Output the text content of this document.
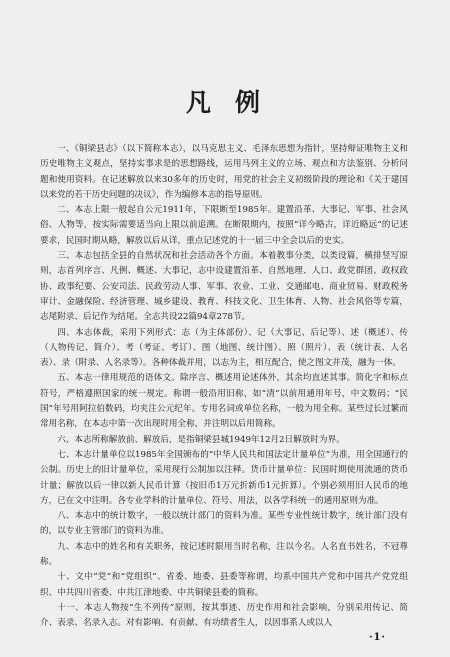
凡 例

一、《铜梁县志》（以下简称本志），以马克思主义、毛泽东思想为指针，坚持辩证唯物主义和历史唯物主义观点，坚持实事求是的思想路线，运用马列主义的立场、观点和方法鉴别、分析问题和使用资料。在记述解放以来30多年的历史时，用党的社会主义初级阶段的理论和《关于建国以来党的若干历史问题的决议》，作为编修本志的指导原则。

二、本志上限一般起自公元1911年，下限断至1985年。建置沿革、大事记、军事、社会风俗、人物等，按实际需要适当向上限以前追溯。在断限期内，按照“详今略古，详近略远”的记述要求，民国时期从略，解放以后从详，重点记述党的十一届三中全会以后的史实。

三、本志包括全县的自然状况和社会活动各个方面。本着教事分类，以类设篇，横排竖写原则，志首列序言、凡例、概述、大事记，志中设建置沿革、自然地理、人口、政党群团、政权政协、政事纪要、公安司法、民政劳动人事、军事、农业、工业、交通邮电、商业贸易、财政税务审计、金融保险、经济管理、城乡建设、教育、科技文化、卫生体育、人物、社会风俗等专篇，志尾附录、后记作为结尾。全志共设22篇94章278节。

四、本志体裁，采用下列形式：志（为主体部份）、记（大事记、后记等）、述（概述）、传（人物传记、简介）、考（考证、考订）、图（地图、统计图）、照（照片）、表（统计表、人名表）、录（附录、人名录等）。各种体裁并用，以志为主，相互配合，使之图文并茂，融为一体。

五、本志一律用规范的语体文。除序言、概述用论述体外，其余均直述其事。简化字和标点符号，严格遵照国家的统一规定。称谓一般沿用旧称，如“清”以前用通用年号，中文数码；“民国”年号用阿拉伯数码，均夹注公元纪年。专用名词或单位名称，一般为用全称。某些过长过繁而常用名称，在本志中第一次出现时用全称，并注明以后用简称。

六、本志所称解放前、解放后，是指铜梁县城1949年12月2日解放时为界。

七、本志计量单位以1985年全国颁布的“中华人民共和国法定计量单位”为准，用全国通行的公制。历史上的旧计量单位，采用现行公制加以注释。货币计量单位：民国时期使用流通的货币计量；解放以后一律以新人民币计算（按旧币1万元折新币1元折算）。个别必须用旧人民币的地方，已在文中注明。各专业学科的计量单位、符号、用法，以各学科统一的通用原则为准。

八、本志中的统计数字，一般以统计部门的资料为准。某些专业性统计数字，统计部门没有的，以专业主管部门的资料为准。

九、本志中的姓名和有关职务，按记述时限用当时名称，注以今名。人名直书姓名，不冠尊称。

十、文中“党”和“党组织”、省委、地委、县委等称谓，均系中国共产党和中国共产党党组织、中共四川省委、中共江津地委、中共铜梁县委的简称。

十一、本志人物按“生不列传”原则，按其事迹、历史作用和社会影响，分别采用传记、简介、表录、名录入志。对有影响、有贡献、有功绩者生人，以因事系人或以人

·1·
